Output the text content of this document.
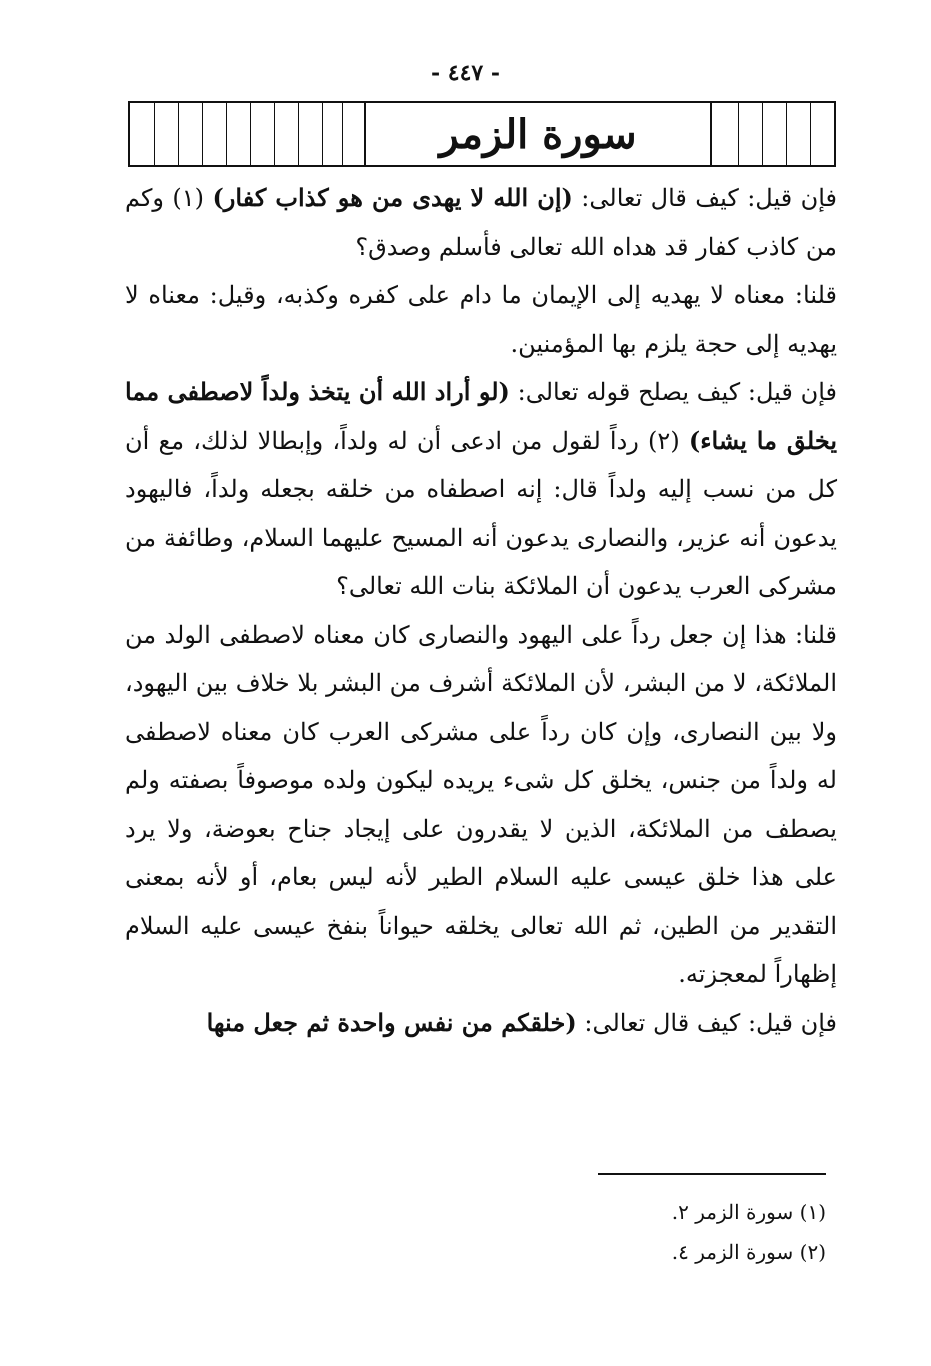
- ٤٤٧ -
سورة الزمر

فإن قيل: كيف قال تعالى: (إن الله لا يهدى من هو كذاب كفار) (١) وكم من كاذب كفار قد هداه الله تعالى فأسلم وصدق؟

قلنا: معناه لا يهديه إلى الإيمان ما دام على كفره وكذبه، وقيل: معناه لا يهديه إلى حجة يلزم بها المؤمنين.

فإن قيل: كيف يصلح قوله تعالى: (لو أراد الله أن يتخذ ولداً لاصطفى مما يخلق ما يشاء) (٢) رداً لقول من ادعى أن له ولداً، وإبطالا لذلك، مع أن كل من نسب إليه ولداً قال: إنه اصطفاه من خلقه بجعله ولداً، فاليهود يدعون أنه عزير، والنصارى يدعون أنه المسيح عليهما السلام، وطائفة من مشركى العرب يدعون أن الملائكة بنات الله تعالى؟

قلنا: هذا إن جعل رداً على اليهود والنصارى كان معناه لاصطفى الولد من الملائكة، لا من البشر، لأن الملائكة أشرف من البشر بلا خلاف بين اليهود، ولا بين النصارى، وإن كان رداً على مشركى العرب كان معناه لاصطفى له ولداً من جنس، يخلق كل شىء يريده ليكون ولده موصوفاً بصفته ولم يصطف من الملائكة، الذين لا يقدرون على إيجاد جناح بعوضة، ولا يرد على هذا خلق عيسى عليه السلام الطير لأنه ليس بعام، أو لأنه بمعنى التقدير من الطين، ثم الله تعالى يخلقه حيواناً بنفخ عيسى عليه السلام إظهاراً لمعجزته.

فإن قيل: كيف قال تعالى: (خلقكم من نفس واحدة ثم جعل منها

(١) سورة الزمر ٢.

(٢) سورة الزمر ٤.
